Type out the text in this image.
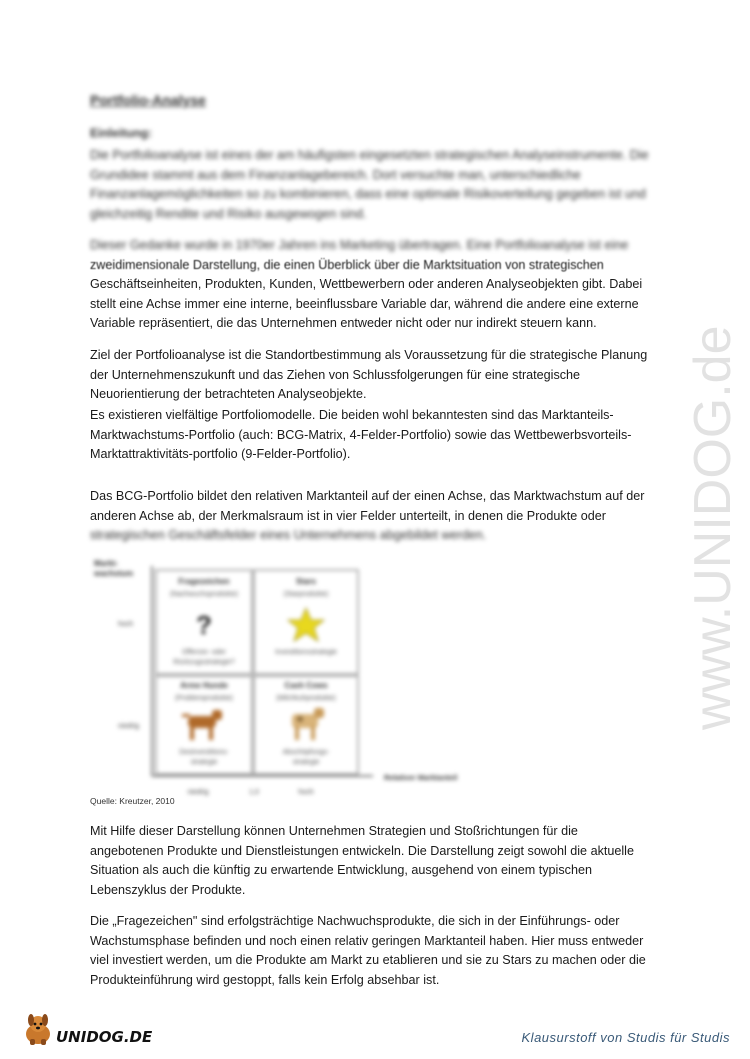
Portfolio-Analyse
Einleitung:

Die Portfolioanalyse ist eines der am häufigsten eingesetzten strategischen Analyseinstrumente. Die
Grundidee stammt aus dem Finanzanlagebereich. Dort versuchte man, unterschiedliche
Finanzanlagemöglichkeiten so zu kombinieren, dass eine optimale Risikoverteilung gegeben ist und
gleichzeitig Rendite und Risiko ausgewogen sind.

Dieser Gedanke wurde in 1970er Jahren ins Marketing übertragen. Eine Portfolioanalyse ist eine
zweidimensionale Darstellung, die einen Überblick über die Marktsituation von strategischen
Geschäftseinheiten, Produkten, Kunden, Wettbewerbern oder anderen Analyseobjekten gibt. Dabei
stellt eine Achse immer eine interne, beeinflussbare Variable dar, während die andere eine externe
Variable repräsentiert, die das Unternehmen entweder nicht oder nur indirekt steuern kann.

Ziel der Portfolioanalyse ist die Standortbestimmung als Voraussetzung für die strategische Planung
der Unternehmenszukunft und das Ziehen von Schlussfolgerungen für eine strategische
Neuorientierung der betrachteten Analyseobjekte.

Es existieren vielfältige Portfoliomodelle. Die beiden wohl bekanntesten sind das Marktanteils-
Marktwachstums-Portfolio (auch: BCG-Matrix, 4-Felder-Portfolio) sowie das Wettbewerbsvorteils-
Marktattraktivitäts-portfolio (9-Felder-Portfolio).

Das BCG-Portfolio bildet den relativen Marktanteil auf der einen Achse, das Marktwachstum auf der
anderen Achse ab, der Merkmalsraum ist in vier Felder unterteilt, in denen die Produkte oder
strategischen Geschäftsfelder eines Unternehmens abgebildet werden.

Markt-
wachstum
Fragezeichen
(Nachwuchsprodukte)
?
Offensiv- oder
Rückzugsstrategie?
Stars
(Starprodukte)
Investitionsstrategie
Arme Hunde
(Problemprodukte)
Desinvestitions-
strategie
Cash Cows
(Milchkuhprodukte)
Abschöpfungs-
strategie
hoch
niedrig
niedrig	1,0	hoch
Relativer Marktanteil
Quelle: Kreutzer, 2010

Mit Hilfe dieser Darstellung können Unternehmen Strategien und Stoßrichtungen für die
angebotenen Produkte und Dienstleistungen entwickeln. Die Darstellung zeigt sowohl die aktuelle
Situation als auch die künftig zu erwartende Entwicklung, ausgehend von einem typischen
Lebenszyklus der Produkte.

Die „Fragezeichen" sind erfolgsträchtige Nachwuchsprodukte, die sich in der Einführungs- oder
Wachstumsphase befinden und noch einen relativ geringen Marktanteil haben. Hier muss entweder
viel investiert werden, um die Produkte am Markt zu etablieren und sie zu Stars zu machen oder die
Produkteinführung wird gestoppt, falls kein Erfolg absehbar ist.

www.UNIDOG.de
UNIDOG.DE	Klausurstoff von Studis für Studis
